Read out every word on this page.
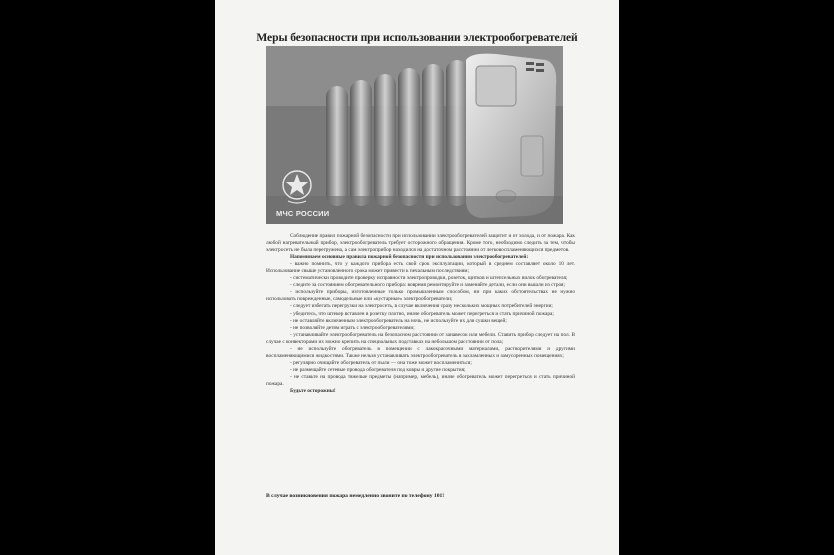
Меры безопасности при использовании электрообогревателей
МЧС РОССИИ

Соблюдение правил пожарной безопасности при использовании электрообогревателей защитит и от холода, и от пожара. Как любой нагревательный прибор, электрообогреватель требует осторожного обращения. Кроме того, необходимо следить за тем, чтобы электросеть не была перегружена, а сам электроприбор находился на достаточном расстоянии от легковоспламеняющихся предметов.

Напоминаем основные правила пожарной безопасности при использовании электрообогревателей:

- важно помнить, что у каждого прибора есть свой срок эксплуатации, который в среднем составляет около 10 лет. Использование свыше установленного срока может привести к печальным последствиям;

- систематически проводите проверку исправности электропроводки, розеток, щитков и штепсельных вилок обогревателя;

- следите за состоянием обогревательного прибора: вовремя ремонтируйте и заменяйте детали, если они вышли из строя;

- используйте приборы, изготовленные только промышленным способом, ни при каких обстоятельствах не нужно использовать поврежденные, самодельные или «кустарные» электрообогреватели;

- следует избегать перегрузки на электросеть, в случае включения сразу нескольких мощных потребителей энергии;

- убедитесь, что штекер вставлен в розетку плотно, иначе обогреватель может перегреться и стать причиной пожара;

- не оставляйте включенным электрообогреватель на ночь, не используйте их для сушки вещей;

- не позволяйте детям играть с электрообогревателями;

- устанавливайте электрообогреватель на безопасном расстоянии от занавесок или мебели. Ставить прибор следует на пол. В случае с конвекторами их можно крепить на специальных подставках на небольшом расстоянии от пола;

- не используйте обогреватель в помещении с лакокрасочными материалами, растворителями и другими воспламеняющимися жидкостями. Также нельзя устанавливать электрообогреватель в захламленных и замусоренных помещениях;

- регулярно очищайте обогреватель от пыли — она тоже может воспламениться;

- не размещайте сетевые провода обогревателя под ковры и другие покрытия;

- не ставьте на провода тяжелые предметы (например, мебель), иначе обогреватель может перегреться и стать причиной пожара.

Будьте осторожны!

В случае возникновения пожара немедленно звоните по телефону 101!
